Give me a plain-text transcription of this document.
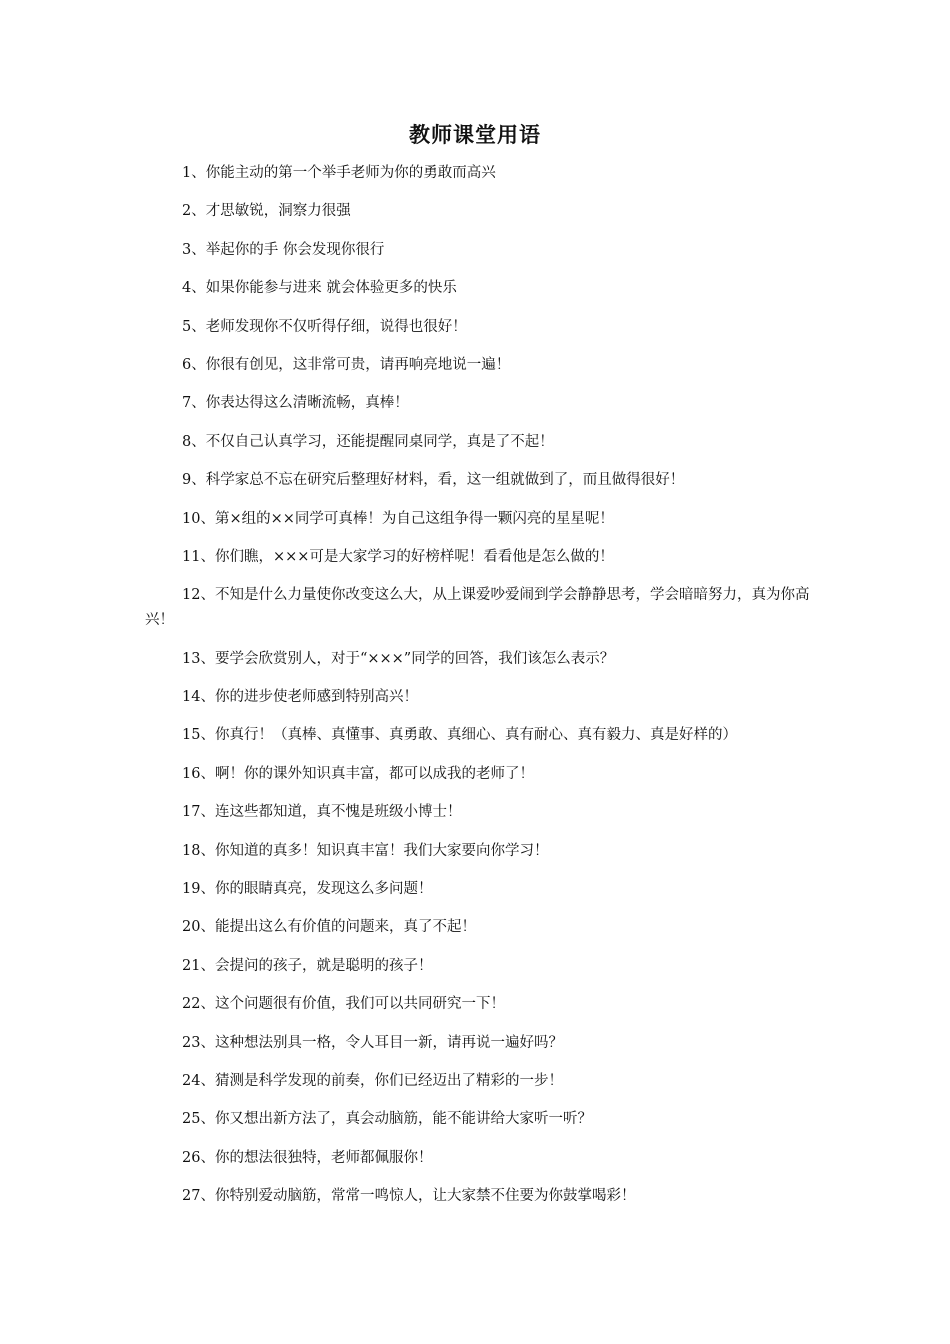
教师课堂用语
1、你能主动的第一个举手老师为你的勇敢而高兴
2、才思敏锐，洞察力很强
3、举起你的手 你会发现你很行
4、如果你能参与进来 就会体验更多的快乐
5、老师发现你不仅听得仔细，说得也很好！
6、你很有创见，这非常可贵，请再响亮地说一遍！
7、你表达得这么清晰流畅，真棒！
8、不仅自己认真学习，还能提醒同桌同学，真是了不起！
9、科学家总不忘在研究后整理好材料，看，这一组就做到了，而且做得很好！
10、第×组的××同学可真棒！为自己这组争得一颗闪亮的星星呢！
11、你们瞧，×××可是大家学习的好榜样呢！看看他是怎么做的！
12、不知是什么力量使你改变这么大，从上课爱吵爱闹到学会静静思考，学会暗暗努力，真为你高兴！
13、要学会欣赏别人，对于“×××”同学的回答，我们该怎么表示？
14、你的进步使老师感到特别高兴！
15、你真行！（真棒、真懂事、真勇敢、真细心、真有耐心、真有毅力、真是好样的）
16、啊！你的课外知识真丰富，都可以成我的老师了！
17、连这些都知道，真不愧是班级小博士！
18、你知道的真多！知识真丰富！我们大家要向你学习！
19、你的眼睛真亮，发现这么多问题！
20、能提出这么有价值的问题来，真了不起！
21、会提问的孩子，就是聪明的孩子！
22、这个问题很有价值，我们可以共同研究一下！
23、这种想法别具一格，令人耳目一新，请再说一遍好吗？
24、猜测是科学发现的前奏，你们已经迈出了精彩的一步！
25、你又想出新方法了，真会动脑筋，能不能讲给大家听一听？
26、你的想法很独特，老师都佩服你！
27、你特别爱动脑筋，常常一鸣惊人，让大家禁不住要为你鼓掌喝彩！
